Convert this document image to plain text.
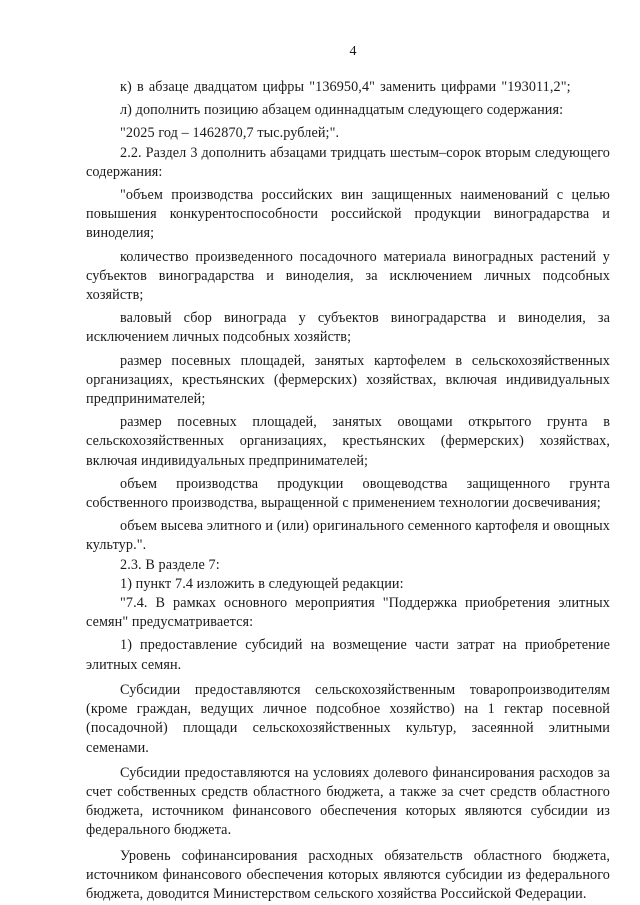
4

к) в абзаце двадцатом цифры "136950,4" заменить цифрами "193011,2";

л) дополнить позицию абзацем одиннадцатым следующего содержания:

"2025 год – 1462870,7 тыс.рублей;".

2.2. Раздел 3 дополнить абзацами тридцать шестым–сорок вторым следующего содержания:

"объем производства российских вин защищенных наименований с целью повышения конкурентоспособности российской продукции виноградарства и виноделия;

количество произведенного посадочного материала виноградных растений у субъектов виноградарства и виноделия, за исключением личных подсобных хозяйств;

валовый сбор винограда у субъектов виноградарства и виноделия, за исключением личных подсобных хозяйств;

размер посевных площадей, занятых картофелем в сельскохозяйственных организациях, крестьянских (фермерских) хозяйствах, включая индивидуальных предпринимателей;

размер посевных площадей, занятых овощами открытого грунта в сельскохозяйственных организациях, крестьянских (фермерских) хозяйствах, включая индивидуальных предпринимателей;

объем производства продукции овощеводства защищенного грунта собственного производства, выращенной с применением технологии досвечивания;

объем высева элитного и (или) оригинального семенного картофеля и овощных культур.".

2.3. В разделе 7:

1) пункт 7.4 изложить в следующей редакции:

"7.4. В рамках основного мероприятия "Поддержка приобретения элитных семян" предусматривается:

1) предоставление субсидий на возмещение части затрат на приобретение элитных семян.

Субсидии предоставляются сельскохозяйственным товаропроизводителям (кроме граждан, ведущих личное подсобное хозяйство) на 1 гектар посевной (посадочной) площади сельскохозяйственных культур, засеянной элитными семенами.

Субсидии предоставляются на условиях долевого финансирования расходов за счет собственных средств областного бюджета, а также за счет средств областного бюджета, источником финансового обеспечения которых являются субсидии из федерального бюджета.

Уровень софинансирования расходных обязательств областного бюджета, источником финансового обеспечения которых являются субсидии из федерального бюджета, доводится Министерством сельского хозяйства Российской Федерации.
